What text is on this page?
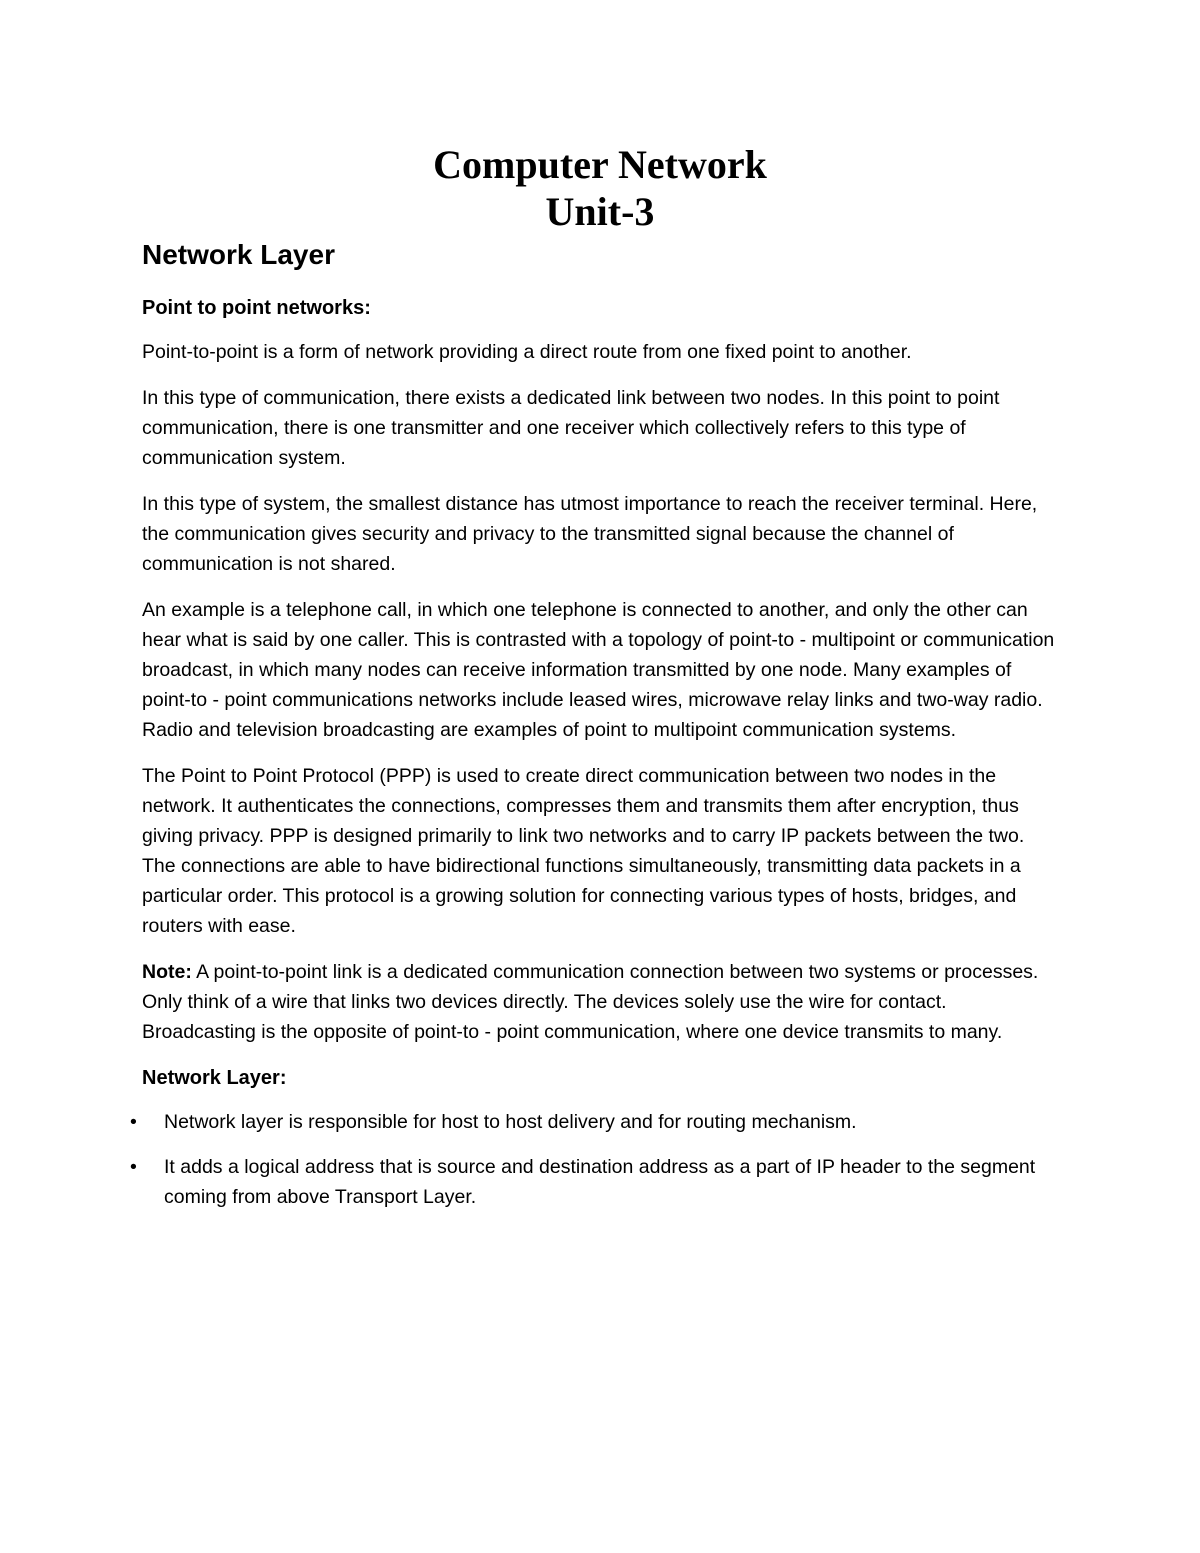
Computer Network
Unit-3
Network Layer
Point to point networks:

Point-to-point is a form of network providing a direct route from one fixed point to another.

In this type of communication, there exists a dedicated link between two nodes. In this point to point communication, there is one transmitter and one receiver which collectively refers to this type of communication system.

In this type of system, the smallest distance has utmost importance to reach the receiver terminal. Here, the communication gives security and privacy to the transmitted signal because the channel of communication is not shared.

An example is a telephone call, in which one telephone is connected to another, and only the other can hear what is said by one caller. This is contrasted with a topology of point-to - multipoint or communication broadcast, in which many nodes can receive information transmitted by one node. Many examples of point-to - point communications networks include leased wires, microwave relay links and two-way radio. Radio and television broadcasting are examples of point to multipoint communication systems.

The Point to Point Protocol (PPP) is used to create direct communication between two nodes in the network. It authenticates the connections, compresses them and transmits them after encryption, thus giving privacy. PPP is designed primarily to link two networks and to carry IP packets between the two. The connections are able to have bidirectional functions simultaneously, transmitting data packets in a particular order. This protocol is a growing solution for connecting various types of hosts, bridges, and routers with ease.

Note: A point-to-point link is a dedicated communication connection between two systems or processes. Only think of a wire that links two devices directly. The devices solely use the wire for contact. Broadcasting is the opposite of point-to - point communication, where one device transmits to many.

Network Layer:
• Network layer is responsible for host to host delivery and for routing mechanism.
• It adds a logical address that is source and destination address as a part of IP header to the segment coming from above Transport Layer.
